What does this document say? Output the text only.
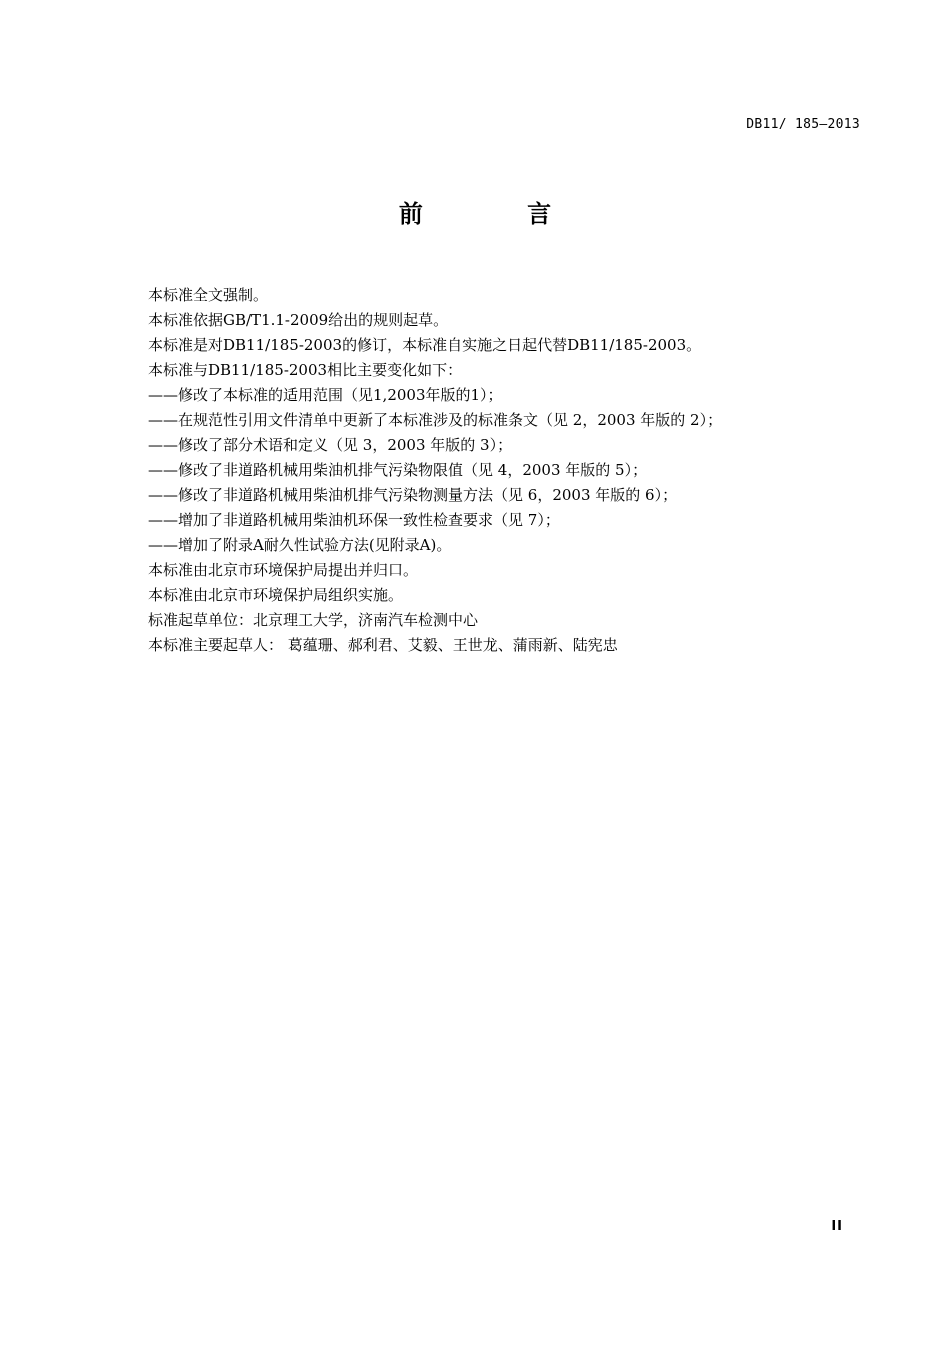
DB11/ 185—2013
前 言
本标准全文强制。
本标准依据GB/T1.1-2009给出的规则起草。
本标准是对DB11/185-2003的修订，本标准自实施之日起代替DB11/185-2003。
本标准与DB11/185-2003相比主要变化如下：
——修改了本标准的适用范围（见1,2003年版的1）；
——在规范性引用文件清单中更新了本标准涉及的标准条文（见 2，2003 年版的 2）；
——修改了部分术语和定义（见 3，2003 年版的 3）；
——修改了非道路机械用柴油机排气污染物限值（见 4，2003 年版的 5）；
——修改了非道路机械用柴油机排气污染物测量方法（见 6，2003 年版的 6）；
——增加了非道路机械用柴油机环保一致性检查要求（见 7）；
——增加了附录A耐久性试验方法(见附录A)。
本标准由北京市环境保护局提出并归口。
本标准由北京市环境保护局组织实施。
标准起草单位：北京理工大学，济南汽车检测中心
本标准主要起草人： 葛蕴珊、郝利君、艾毅、王世龙、蒲雨新、陆宪忠
II
